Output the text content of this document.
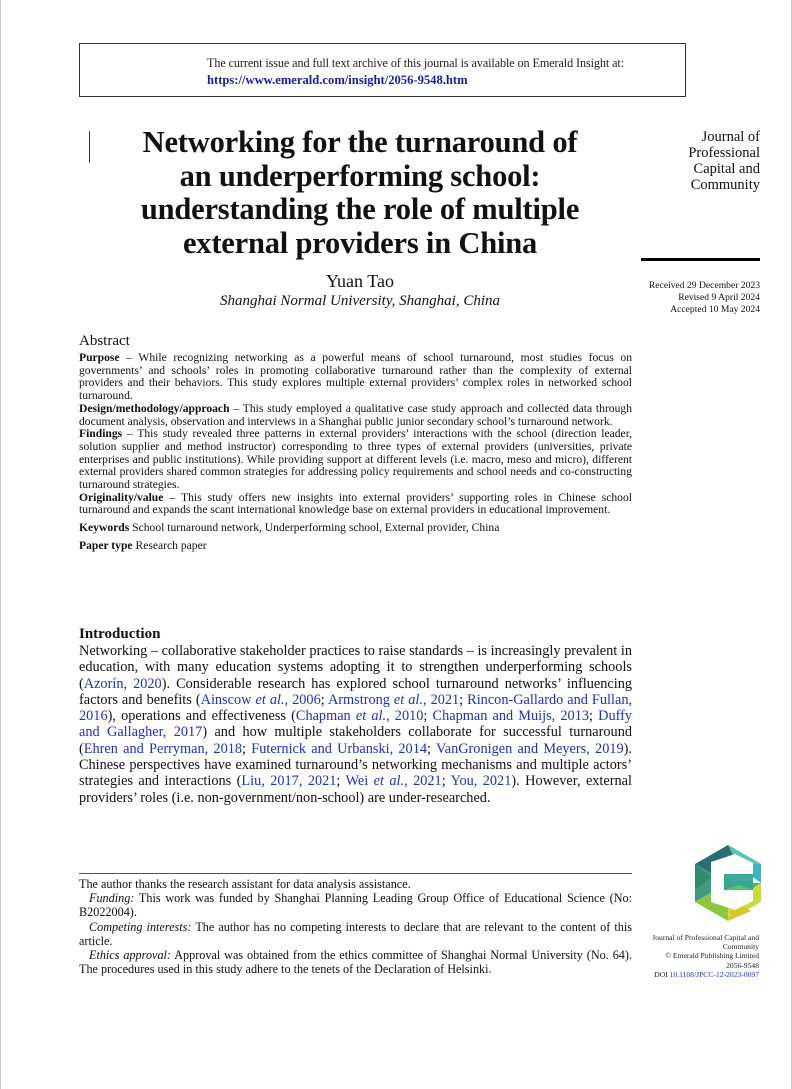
The current issue and full text archive of this journal is available on Emerald Insight at:
https://www.emerald.com/insight/2056-9548.htm
Networking for the turnaround of
an underperforming school:
understanding the role of multiple
external providers in China
Yuan Tao
Shanghai Normal University, Shanghai, China
Journal of
Professional
Capital and
Community
Received 29 December 2023
Revised 9 April 2024
Accepted 10 May 2024
Abstract

Purpose – While recognizing networking as a powerful means of school turnaround, most studies focus on governments’ and schools’ roles in promoting collaborative turnaround rather than the complexity of external providers and their behaviors. This study explores multiple external providers’ complex roles in networked school turnaround.

Design/methodology/approach – This study employed a qualitative case study approach and collected data through document analysis, observation and interviews in a Shanghai public junior secondary school’s turnaround network.

Findings – This study revealed three patterns in external providers’ interactions with the school (direction leader, solution supplier and method instructor) corresponding to three types of external providers (universities, private enterprises and public institutions). While providing support at different levels (i.e. macro, meso and micro), different external providers shared common strategies for addressing policy requirements and school needs and co-constructing turnaround strategies.

Originality/value – This study offers new insights into external providers’ supporting roles in Chinese school turnaround and expands the scant international knowledge base on external providers in educational improvement.

Keywords School turnaround network, Underperforming school, External provider, China
Paper type Research paper
Introduction

Networking – collaborative stakeholder practices to raise standards – is increasingly prevalent in education, with many education systems adopting it to strengthen underperforming schools (Azorín, 2020). Considerable research has explored school turnaround networks’ influencing factors and benefits (Ainscow et al., 2006; Armstrong et al., 2021; Rincon-Gallardo and Fullan, 2016), operations and effectiveness (Chapman et al., 2010; Chapman and Muijs, 2013; Duffy and Gallagher, 2017) and how multiple stakeholders collaborate for successful turnaround (Ehren and Perryman, 2018; Futernick and Urbanski, 2014; VanGronigen and Meyers, 2019). Chinese perspectives have examined turnaround’s networking mechanisms and multiple actors’ strategies and interactions (Liu, 2017, 2021; Wei et al., 2021; You, 2021). However, external providers’ roles (i.e. non-government/non-school) are under-researched.

The author thanks the research assistant for data analysis assistance.

Funding: This work was funded by Shanghai Planning Leading Group Office of Educational Science (No: B2022004).

Competing interests: The author has no competing interests to declare that are relevant to the content of this article.

Ethics approval: Approval was obtained from the ethics committee of Shanghai Normal University (No. 64). The procedures used in this study adhere to the tenets of the Declaration of Helsinki.

Journal of Professional Capital and Community
© Emerald Publishing Limited
2056-9548
DOI 10.1108/JPCC-12-2023-0097
